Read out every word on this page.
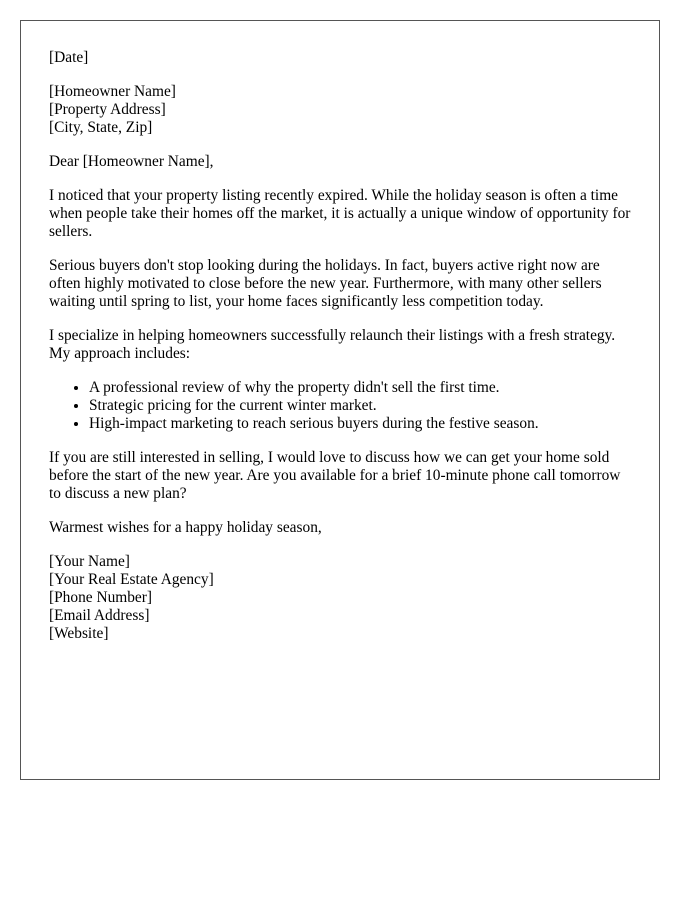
[Date]
[Homeowner Name]
[Property Address]
[City, State, Zip]

Dear [Homeowner Name],

I noticed that your property listing recently expired. While the holiday season is often a time when people take their homes off the market, it is actually a unique window of opportunity for sellers.

Serious buyers don't stop looking during the holidays. In fact, buyers active right now are often highly motivated to close before the new year. Furthermore, with many other sellers waiting until spring to list, your home faces significantly less competition today.

I specialize in helping homeowners successfully relaunch their listings with a fresh strategy. My approach includes:

• A professional review of why the property didn't sell the first time.
• Strategic pricing for the current winter market.
• High-impact marketing to reach serious buyers during the festive season.

If you are still interested in selling, I would love to discuss how we can get your home sold before the start of the new year. Are you available for a brief 10-minute phone call tomorrow to discuss a new plan?

Warmest wishes for a happy holiday season,

[Your Name]
[Your Real Estate Agency]
[Phone Number]
[Email Address]
[Website]
